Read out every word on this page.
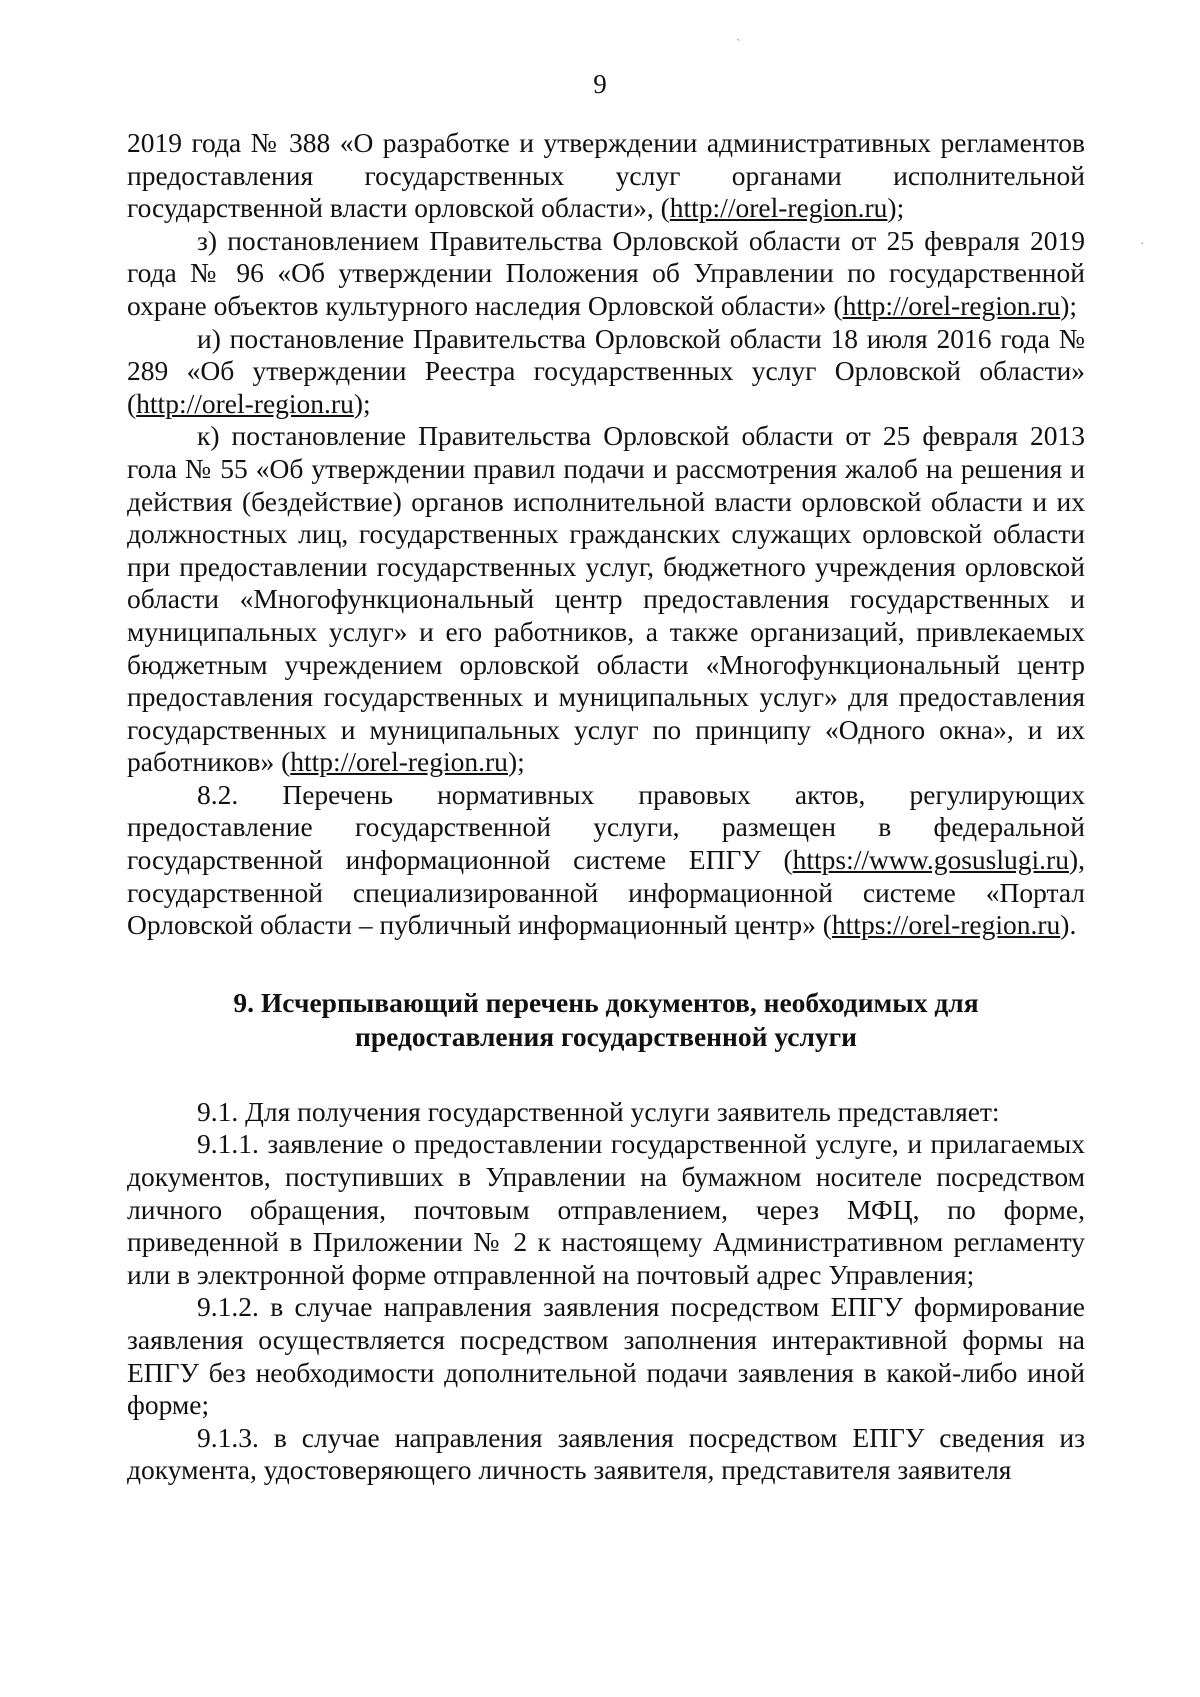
ˏ
·
9

2019 года № 388 «О разработке и утверждении административных регламентов предоставления государственных услуг органами исполнительной государственной власти орловской области», (http://orel-region.ru);

з) постановлением Правительства Орловской области от 25 февраля 2019 года № 96 «Об утверждении Положения об Управлении по государственной охране объектов культурного наследия Орловской области» (http://orel-region.ru);

и) постановление Правительства Орловской области 18 июля 2016 года № 289 «Об утверждении Реестра государственных услуг Орловской области» (http://orel-region.ru);

к) постановление Правительства Орловской области от 25 февраля 2013 гола № 55 «Об утверждении правил подачи и рассмотрения жалоб на решения и действия (бездействие) органов исполнительной власти орловской области и их должностных лиц, государственных гражданских служащих орловской области при предоставлении государственных услуг, бюджетного учреждения орловской области «Многофункциональный центр предоставления государственных и муниципальных услуг» и его работников, а также организаций, привлекаемых бюджетным учреждением орловской области «Многофункциональный центр предоставления государственных и муниципальных услуг» для предоставления государственных и муниципальных услуг по принципу «Одного окна», и их работников» (http://orel-region.ru);

8.2. Перечень нормативных правовых актов, регулирующих предоставление государственной услуги, размещен в федеральной государственной информационной системе ЕПГУ (https://www.gosuslugi.ru), государственной специализированной информационной системе «Портал Орловской области – публичный информационный центр» (https://orel-region.ru).

9. Исчерпывающий перечень документов, необходимых для
предоставления государственной услуги

9.1. Для получения государственной услуги заявитель представляет:

9.1.1. заявление о предоставлении государственной услуге, и прилагаемых документов, поступивших в Управлении на бумажном носителе посредством личного обращения, почтовым отправлением, через МФЦ, по форме, приведенной в Приложении № 2 к настоящему Административном регламенту или в электронной форме отправленной на почтовый адрес Управления;

9.1.2. в случае направления заявления посредством ЕПГУ формирование заявления осуществляется посредством заполнения интерактивной формы на ЕПГУ без необходимости дополнительной подачи заявления в какой-либо иной форме;

9.1.3. в случае направления заявления посредством ЕПГУ сведения из документа, удостоверяющего личность заявителя, представителя заявителя
